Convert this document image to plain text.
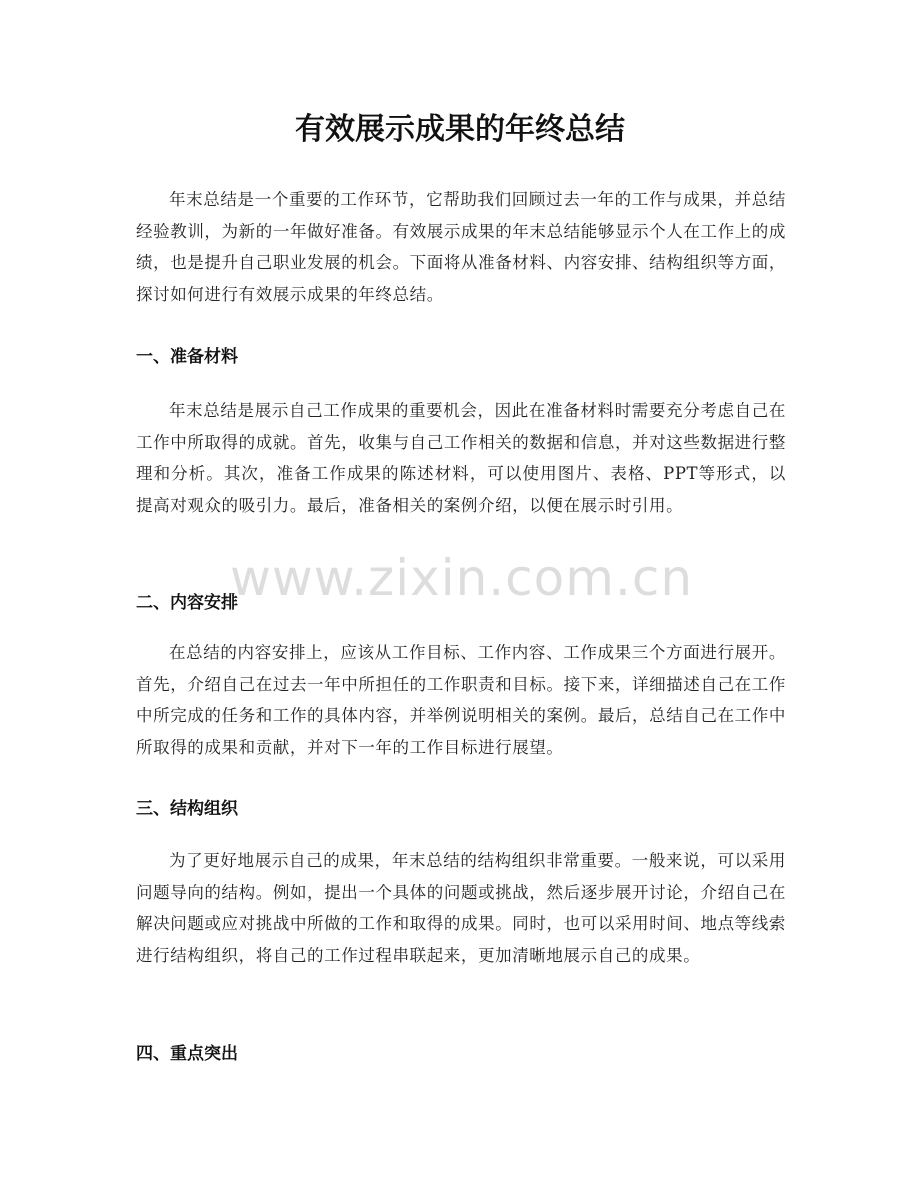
有效展示成果的年终总结

年末总结是一个重要的工作环节，它帮助我们回顾过去一年的工作与成果，并总结经验教训，为新的一年做好准备。有效展示成果的年末总结能够显示个人在工作上的成绩，也是提升自己职业发展的机会。下面将从准备材料、内容安排、结构组织等方面，探讨如何进行有效展示成果的年终总结。

一、准备材料

年末总结是展示自己工作成果的重要机会，因此在准备材料时需要充分考虑自己在工作中所取得的成就。首先，收集与自己工作相关的数据和信息，并对这些数据进行整理和分析。其次，准备工作成果的陈述材料，可以使用图片、表格、PPT等形式，以提高对观众的吸引力。最后，准备相关的案例介绍，以便在展示时引用。

二、内容安排

在总结的内容安排上，应该从工作目标、工作内容、工作成果三个方面进行展开。首先，介绍自己在过去一年中所担任的工作职责和目标。接下来，详细描述自己在工作中所完成的任务和工作的具体内容，并举例说明相关的案例。最后，总结自己在工作中所取得的成果和贡献，并对下一年的工作目标进行展望。

三、结构组织

为了更好地展示自己的成果，年末总结的结构组织非常重要。一般来说，可以采用问题导向的结构。例如，提出一个具体的问题或挑战，然后逐步展开讨论，介绍自己在解决问题或应对挑战中所做的工作和取得的成果。同时，也可以采用时间、地点等线索进行结构组织，将自己的工作过程串联起来，更加清晰地展示自己的成果。

四、重点突出
www.zixin.com.cn
